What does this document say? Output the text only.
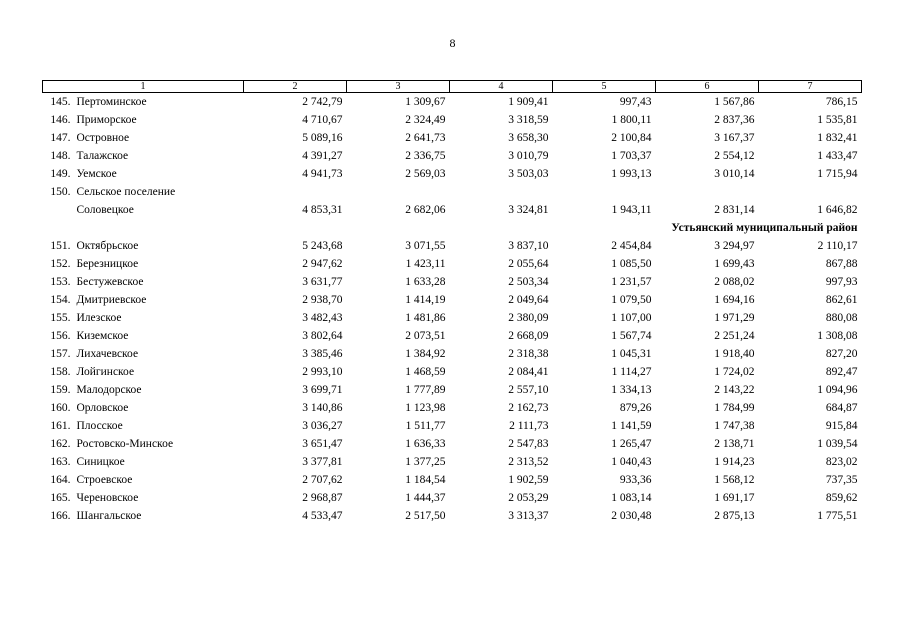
8
1	2	3	4	5	6	7
145. Пертоминское	2 742,79	1 309,67	1 909,41	997,43	1 567,86	786,15
146. Приморское	4 710,67	2 324,49	3 318,59	1 800,11	2 837,36	1 535,81
147. Островное	5 089,16	2 641,73	3 658,30	2 100,84	3 167,37	1 832,41
148. Талажское	4 391,27	2 336,75	3 010,79	1 703,37	2 554,12	1 433,47
149. Уемское	4 941,73	2 569,03	3 503,03	1 993,13	3 010,14	1 715,94
150. Сельское поселение
Соловецкое	4 853,31	2 682,06	3 324,81	1 943,11	2 831,14	1 646,82
Устьянский муниципальный район						
151. Октябрьское	5 243,68	3 071,55	3 837,10	2 454,84	3 294,97	2 110,17
152. Березницкое	2 947,62	1 423,11	2 055,64	1 085,50	1 699,43	867,88
153. Бестужевское	3 631,77	1 633,28	2 503,34	1 231,57	2 088,02	997,93
154. Дмитриевское	2 938,70	1 414,19	2 049,64	1 079,50	1 694,16	862,61
155. Илезское	3 482,43	1 481,86	2 380,09	1 107,00	1 971,29	880,08
156. Киземское	3 802,64	2 073,51	2 668,09	1 567,74	2 251,24	1 308,08
157. Лихачевское	3 385,46	1 384,92	2 318,38	1 045,31	1 918,40	827,20
158. Лойгинское	2 993,10	1 468,59	2 084,41	1 114,27	1 724,02	892,47
159. Малодорское	3 699,71	1 777,89	2 557,10	1 334,13	2 143,22	1 094,96
160. Орловское	3 140,86	1 123,98	2 162,73	879,26	1 784,99	684,87
161. Плосское	3 036,27	1 511,77	2 111,73	1 141,59	1 747,38	915,84
162. Ростовско-Минское	3 651,47	1 636,33	2 547,83	1 265,47	2 138,71	1 039,54
163. Синицкое	3 377,81	1 377,25	2 313,52	1 040,43	1 914,23	823,02
164. Строевское	2 707,62	1 184,54	1 902,59	933,36	1 568,12	737,35
165. Череновское	2 968,87	1 444,37	2 053,29	1 083,14	1 691,17	859,62
166. Шангальское	4 533,47	2 517,50	3 313,37	2 030,48	2 875,13	1 775,51
